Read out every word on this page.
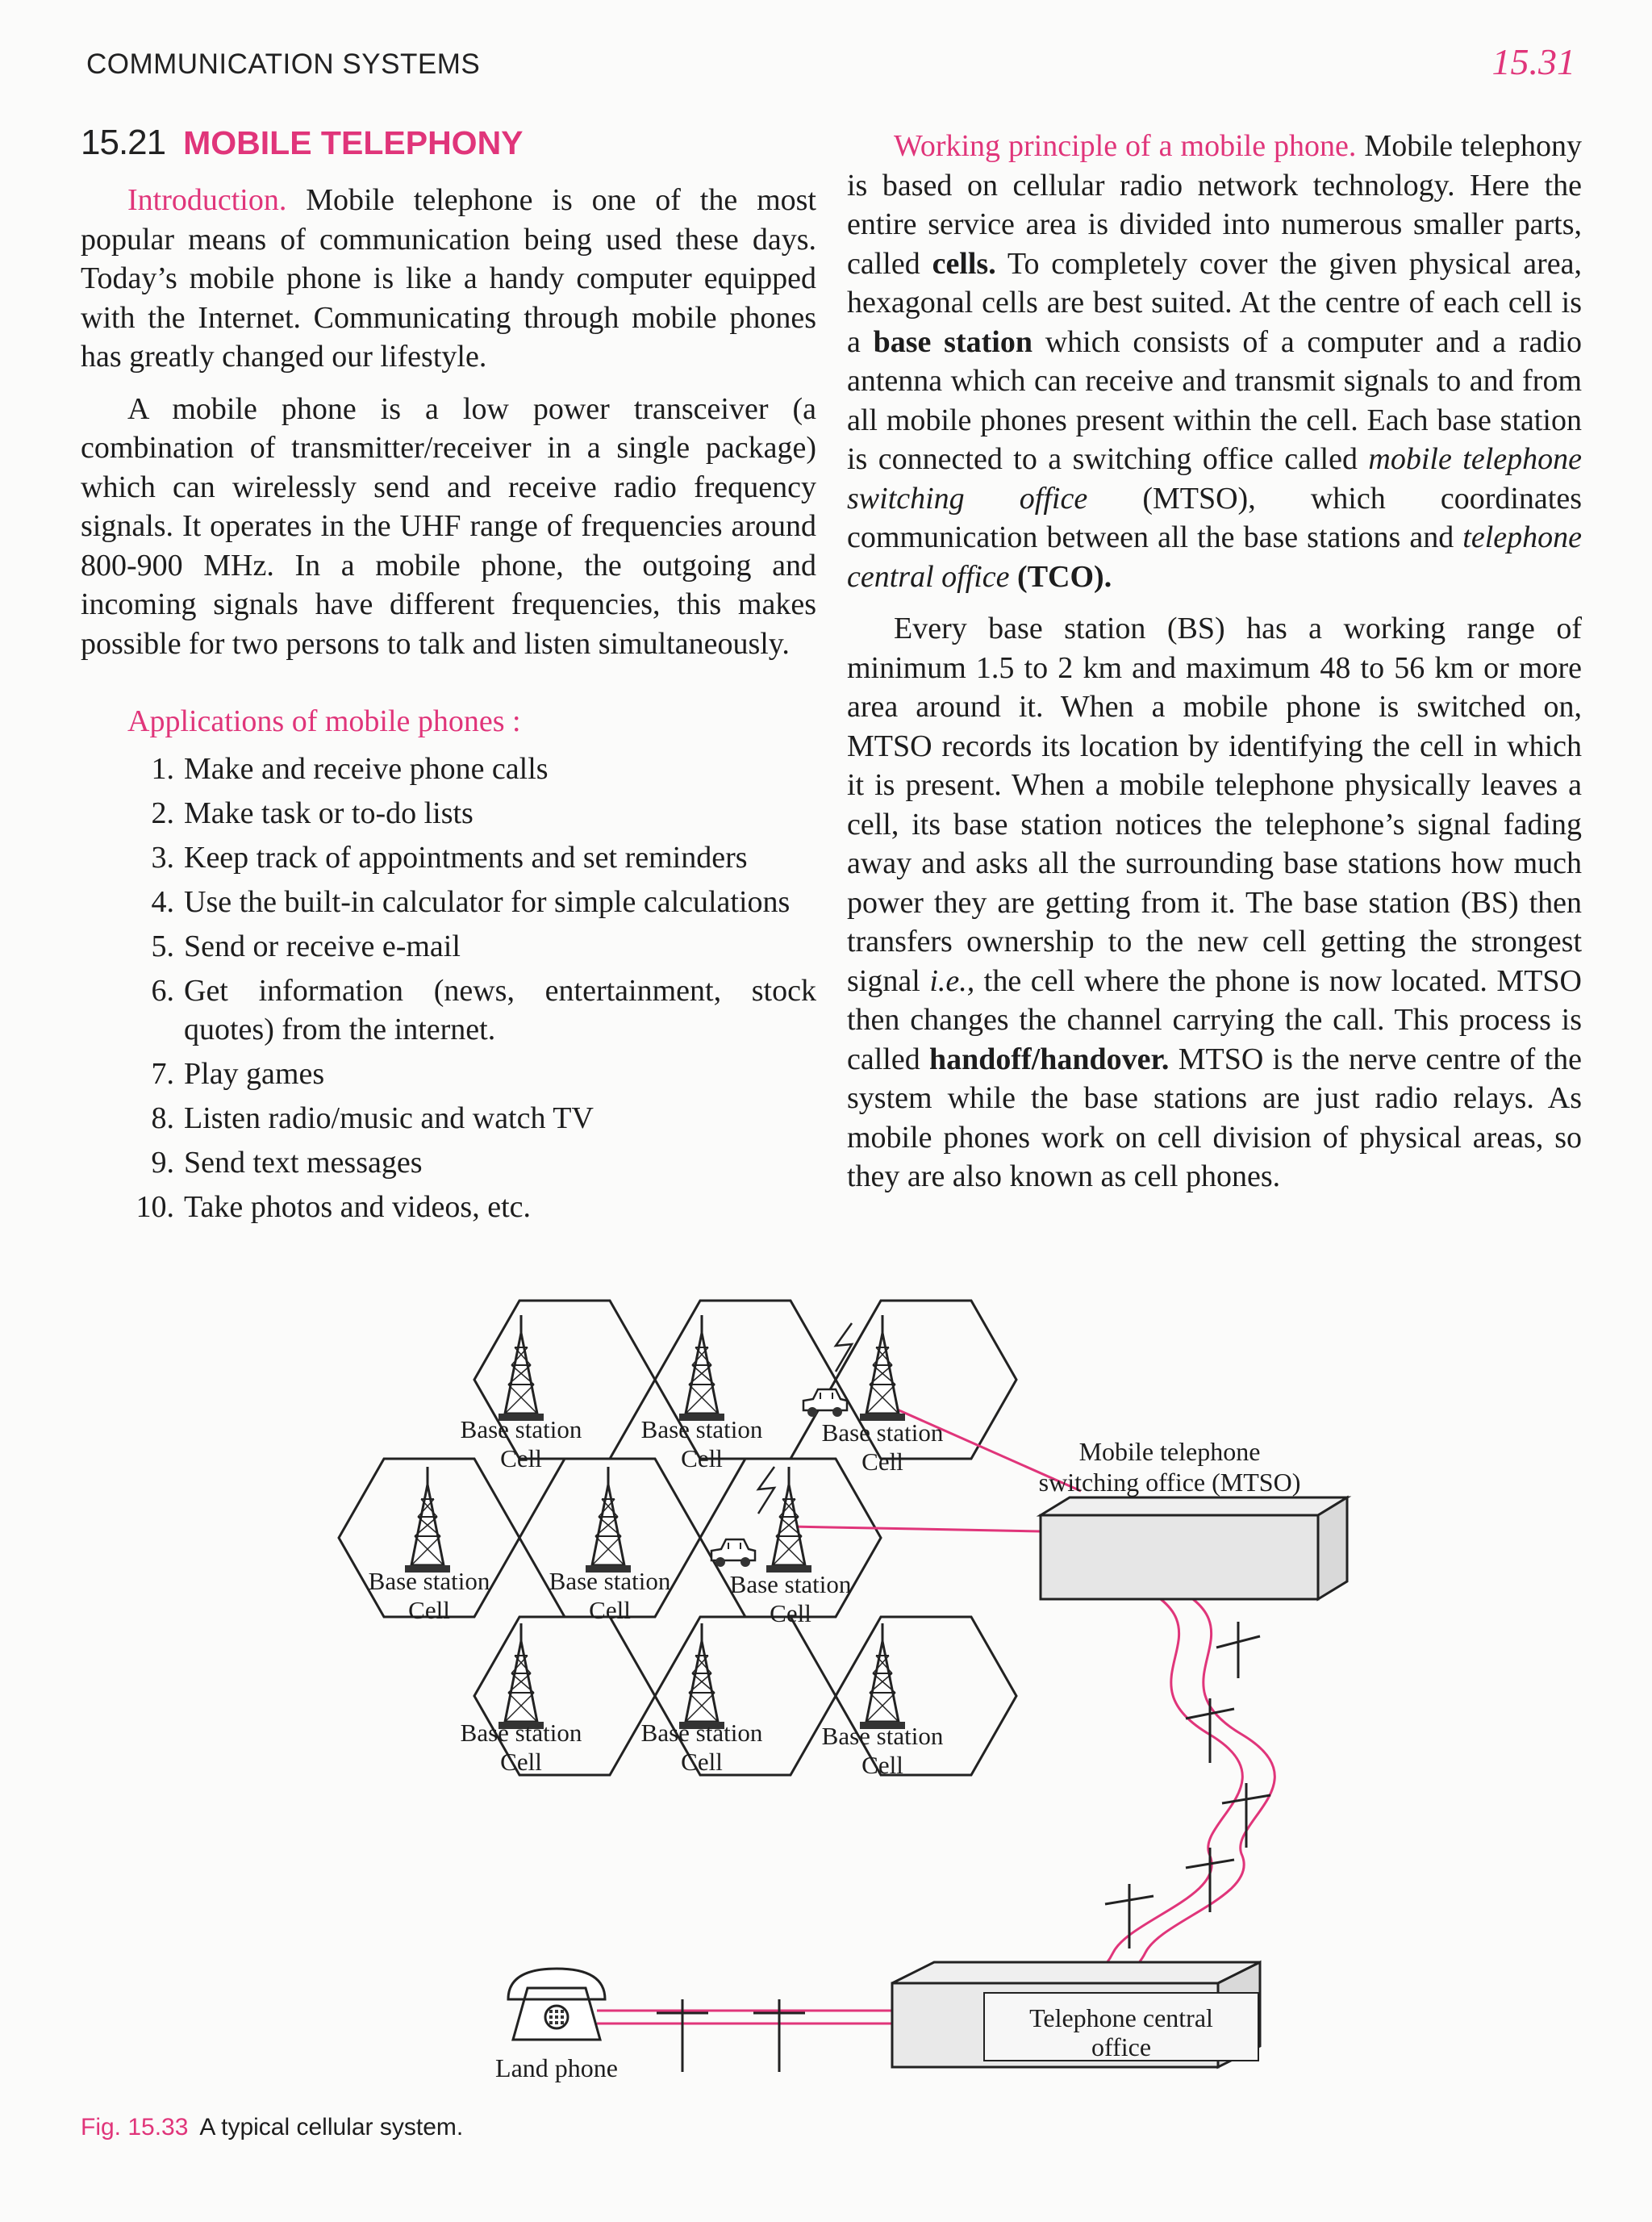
COMMUNICATION SYSTEMS	15.31
15.21 MOBILE TELEPHONY

Introduction. Mobile telephone is one of the most popular means of communication being used these days. Today’s mobile phone is like a handy computer equipped with the Internet. Communicating through mobile phones has greatly changed our lifestyle.

A mobile phone is a low power transceiver (a combination of transmitter/receiver in a single package) which can wirelessly send and receive radio frequency signals. It operates in the UHF range of frequencies around 800-900 MHz. In a mobile phone, the outgoing and incoming signals have different frequencies, this makes possible for two persons to talk and listen simultaneously.

Applications of mobile phones :
1. Make and receive phone calls
2. Make task or to-do lists
3. Keep track of appointments and set reminders
4. Use the built-in calculator for simple calculations
5. Send or receive e-mail
6. Get information (news, entertainment, stock quotes) from the internet.
7. Play games
8. Listen radio/music and watch TV
9. Send text messages
10. Take photos and videos, etc.

Working principle of a mobile phone. Mobile telephony is based on cellular radio network technology. Here the entire service area is divided into numerous smaller parts, called cells. To completely cover the given physical area, hexagonal cells are best suited. At the centre of each cell is a base station which consists of a computer and a radio antenna which can receive and transmit signals to and from all mobile phones present within the cell. Each base station is connected to a switching office called mobile telephone switching office (MTSO), which coordinates communication between all the base stations and telephone central office (TCO).

Every base station (BS) has a working range of minimum 1.5 to 2 km and maximum 48 to 56 km or more area around it. When a mobile phone is switched on, MTSO records its location by identifying the cell in which it is present. When a mobile telephone physically leaves a cell, its base station notices the telephone’s signal fading away and asks all the surrounding base stations how much power they are getting from it. The base station (BS) then transfers ownership to the new cell getting the strongest signal i.e., the cell where the phone is now located. MTSO then changes the channel carrying the call. This process is called handoff/handover. MTSO is the nerve centre of the system while the base stations are just radio relays. As mobile phones work on cell division of physical areas, so they are also known as cell phones.

Base station
Cell
Base station
Cell
Base station
Cell
Base station
Cell
Base station
Cell
Base station
Cell
Base station
Cell
Base station
Cell
Base station
Cell
Mobile telephone
switching office (MTSO)
Telephone central
office
Land phone
Fig. 15.33 A typical cellular system.
